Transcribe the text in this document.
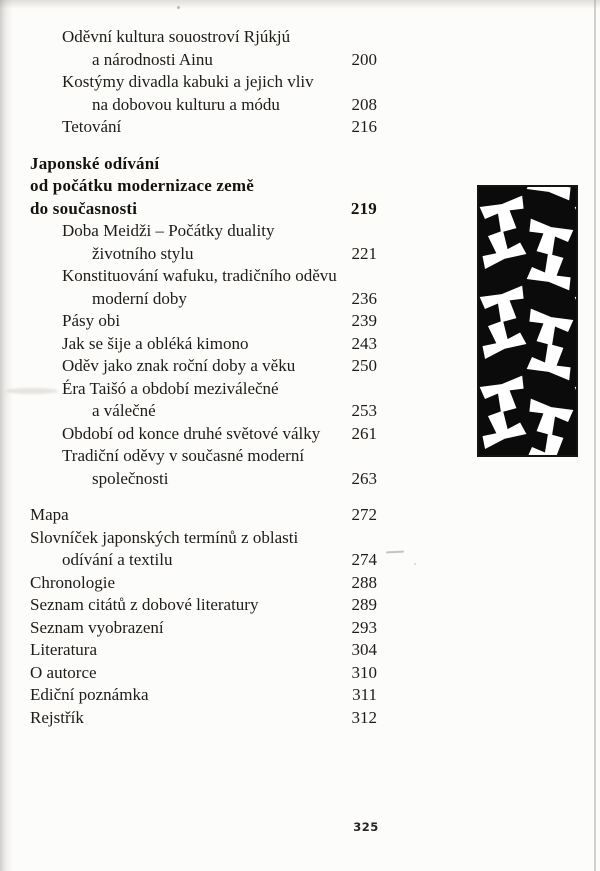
Oděvní kultura souostroví Rjúkjú
a národnosti Ainu	200
Kostýmy divadla kabuki a jejich vliv
na dobovou kulturu a módu	208
Tetování	216
Japonské odívání
od počátku modernizace země
do současnosti	219
Doba Meidži – Počátky duality
životního stylu	221
Konstituování wafuku, tradičního oděvu
moderní doby	236
Pásy obi	239
Jak se šije a obléká kimono	243
Oděv jako znak roční doby a věku	250
Éra Taišó a období meziválečné
a válečné	253
Období od konce druhé světové války	261
Tradiční oděvy v současné moderní
společnosti	263
Mapa	272
Slovníček japonských termínů z oblasti
odívání a textilu	274
Chronologie	288
Seznam citátů z dobové literatury	289
Seznam vyobrazení	293
Literatura	304
O autorce	310
Ediční poznámka	311
Rejstřík	312
325
